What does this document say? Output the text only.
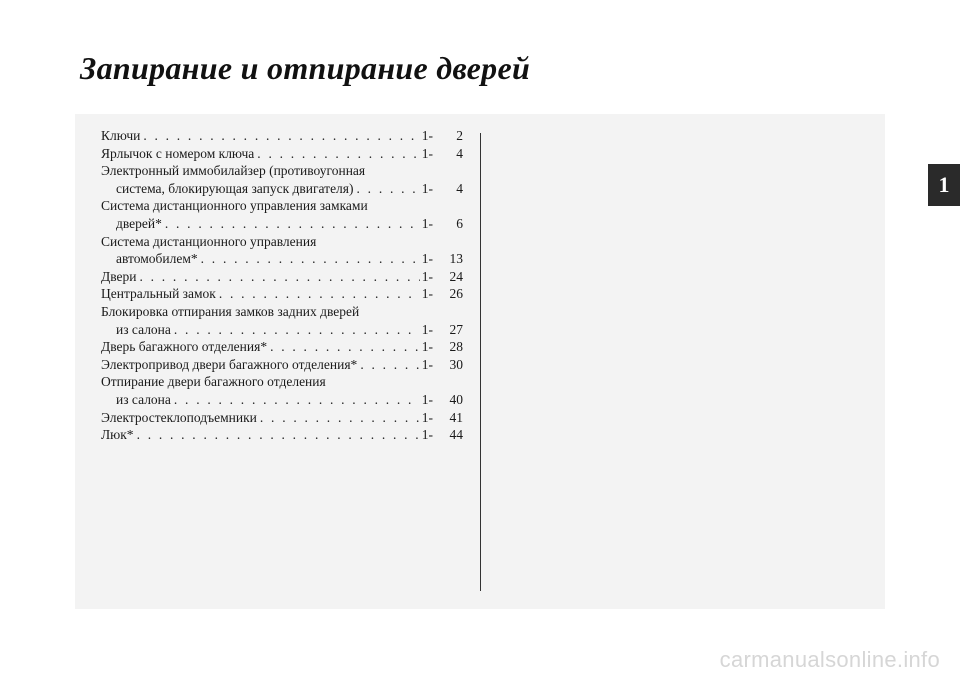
Запирание и отпирание дверей
Ключи . . .	1-	2
Ярлычок с номером ключа . . .	1-	4
Электронный иммобилайзер (противоугонная
система, блокирующая запуск двигателя) . . .	1-	4
Система дистанционного управления замками
дверей* . . .	1-	6
Система дистанционного управления
автомобилем* . . .	1-	13
Двери . . .	1-	24
Центральный замок . . .	1-	26
Блокировка отпирания замков задних дверей
из салона . . .	1-	27
Дверь багажного отделения* . . .	1-	28
Электропривод двери багажного отделения* . . .	1-	30
Отпирание двери багажного отделения
из салона . . .	1-	40
Электростеклоподъемники . . .	1-	41
Люк* . . .	1-	44
1
carmanualsonline.info
